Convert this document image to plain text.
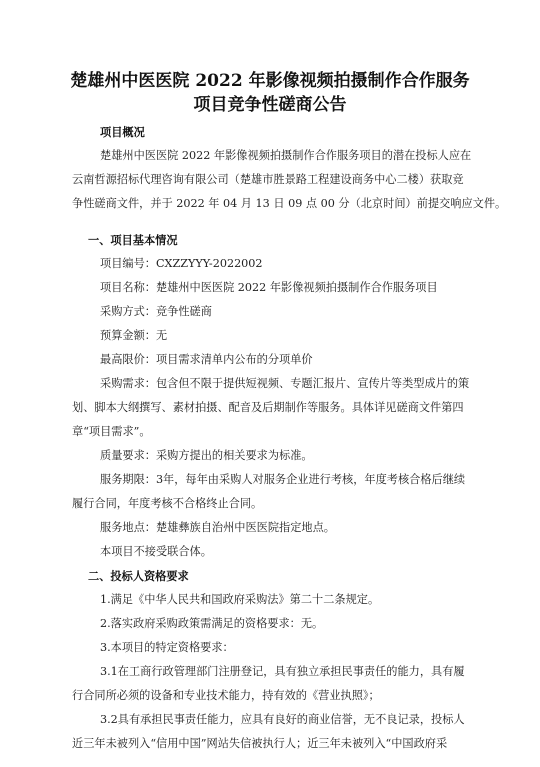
楚雄州中医医院 2022 年影像视频拍摄制作合作服务
项目竞争性磋商公告
项目概况
楚雄州中医医院 2022 年影像视频拍摄制作合作服务项目的潜在投标人应在
云南哲源招标代理咨询有限公司（楚雄市胜景路工程建设商务中心二楼）获取竞
争性磋商文件，并于 2022 年 04 月 13 日 09 点 00 分（北京时间）前提交响应文件。
一、项目基本情况
项目编号：CXZZYYY-2022002
项目名称：楚雄州中医医院 2022 年影像视频拍摄制作合作服务项目
采购方式：竞争性磋商
预算金额：无
最高限价：项目需求清单内公布的分项单价
采购需求：包含但不限于提供短视频、专题汇报片、宣传片等类型成片的策
划、脚本大纲撰写、素材拍摄、配音及后期制作等服务。具体详见磋商文件第四
章“项目需求”。
质量要求：采购方提出的相关要求为标准。
服务期限：3年，每年由采购人对服务企业进行考核，年度考核合格后继续
履行合同，年度考核不合格终止合同。
服务地点：楚雄彝族自治州中医医院指定地点。
本项目不接受联合体。
二、投标人资格要求
1.满足《中华人民共和国政府采购法》第二十二条规定。
2.落实政府采购政策需满足的资格要求：无。
3.本项目的特定资格要求：
3.1在工商行政管理部门注册登记，具有独立承担民事责任的能力，具有履
行合同所必须的设备和专业技术能力，持有效的《营业执照》；
3.2具有承担民事责任能力，应具有良好的商业信誉，无不良记录，投标人
近三年未被列入“信用中国”网站失信被执行人；近三年未被列入“中国政府采
